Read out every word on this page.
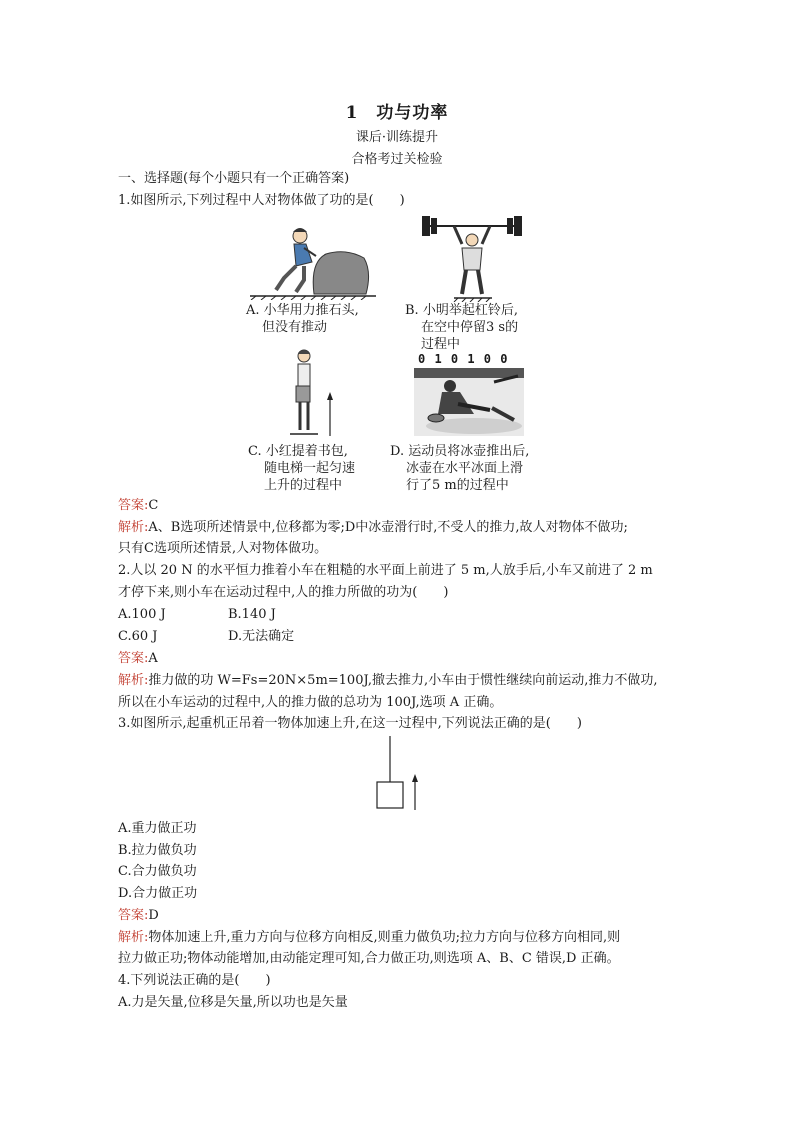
1　功与功率
课后·训练提升
合格考过关检验
一、选择题(每个小题只有一个正确答案)
1.如图所示,下列过程中人对物体做了功的是(　　)
A. 小华用力推石头,
但没有推动
B. 小明举起杠铃后,
在空中停留3 s的
过程中
C. 小红提着书包,
随电梯一起匀速
上升的过程中
0 1 0 1 0 0
D. 运动员将冰壶推出后,
冰壶在水平冰面上滑
行了5 m的过程中
答案:C
解析:A、B选项所述情景中,位移都为零;D中冰壶滑行时,不受人的推力,故人对物体不做功;
只有C选项所述情景,人对物体做功。
2.人以 20 N 的水平恒力推着小车在粗糙的水平面上前进了 5 m,人放手后,小车又前进了 2 m
才停下来,则小车在运动过程中,人的推力所做的功为(　　)
A.100 J	B.140 J
C.60 J	D.无法确定
答案:A
解析:推力做的功 W=Fs=20N×5m=100J,撤去推力,小车由于惯性继续向前运动,推力不做功,
所以在小车运动的过程中,人的推力做的总功为 100J,选项 A 正确。
3.如图所示,起重机正吊着一物体加速上升,在这一过程中,下列说法正确的是(　　)
A.重力做正功
B.拉力做负功
C.合力做负功
D.合力做正功
答案:D
解析:物体加速上升,重力方向与位移方向相反,则重力做负功;拉力方向与位移方向相同,则
拉力做正功;物体动能增加,由动能定理可知,合力做正功,则选项 A、B、C 错误,D 正确。
4.下列说法正确的是(　　)
A.力是矢量,位移是矢量,所以功也是矢量
